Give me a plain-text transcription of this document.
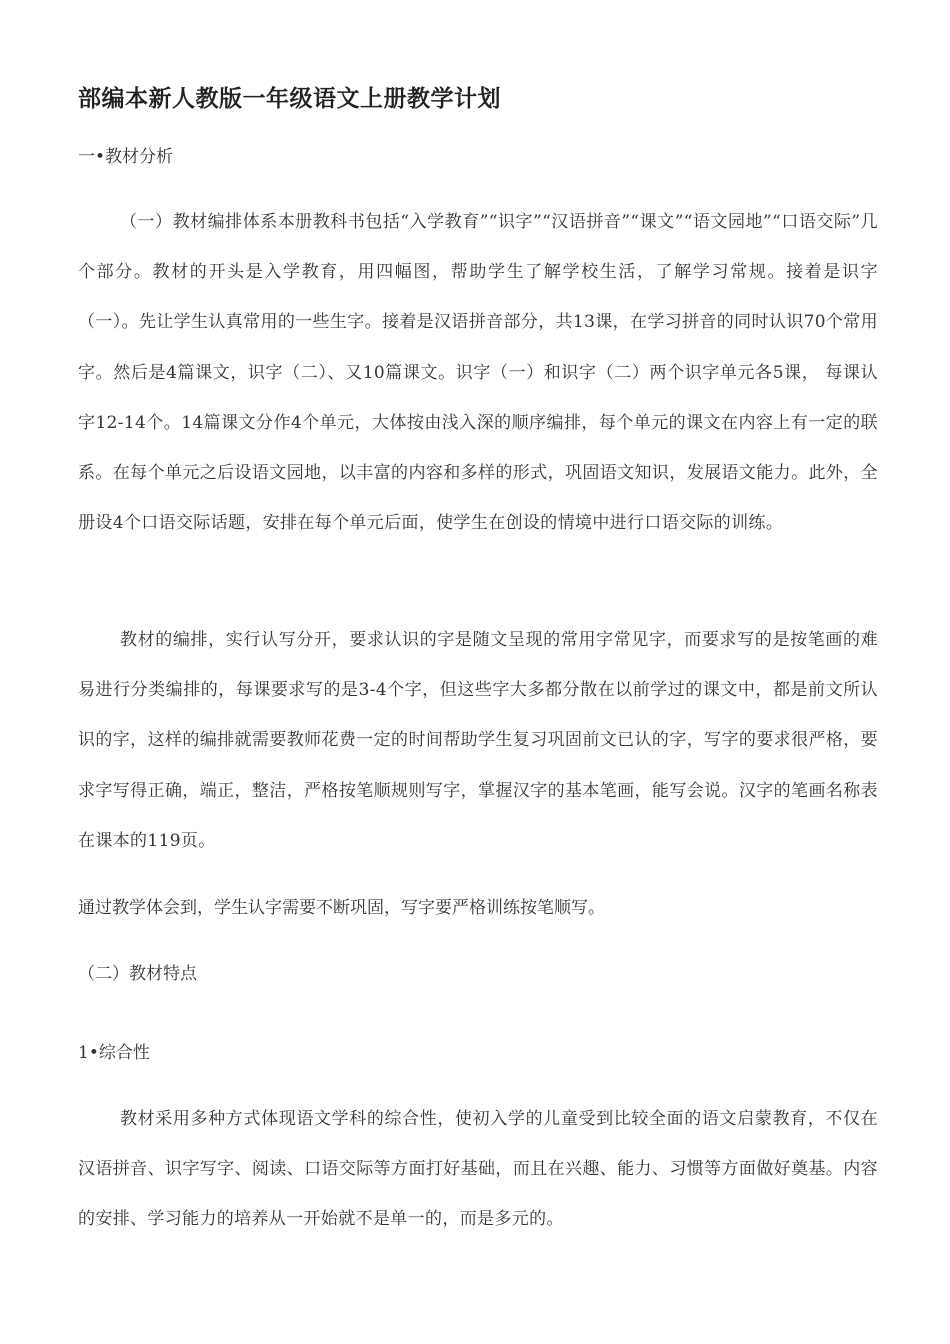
部编本新人教版一年级语文上册教学计划
一•教材分析
（一）教材编排体系本册教科书包括“入学教育”“识字”“汉语拼音”“课文”“语文园地”“口语交际”几个部分。教材的开头是入学教育，用四幅图，帮助学生了解学校生活，了解学习常规。接着是识字（一）。先让学生认真常用的一些生字。接着是汉语拼音部分，共13课，在学习拼音的同时认识70个常用字。然后是4篇课文，识字（二）、又10篇课文。识字（一）和识字（二）两个识字单元各5课， 每课认字12-14个。14篇课文分作4个单元，大体按由浅入深的顺序编排，每个单元的课文在内容上有一定的联系。在每个单元之后设语文园地，以丰富的内容和多样的形式，巩固语文知识，发展语文能力。此外，全册设4个口语交际话题，安排在每个单元后面，使学生在创设的情境中进行口语交际的训练。
教材的编排，实行认写分开，要求认识的字是随文呈现的常用字常见字，而要求写的是按笔画的难易进行分类编排的，每课要求写的是3-4个字，但这些字大多都分散在以前学过的课文中，都是前文所认识的字，这样的编排就需要教师花费一定的时间帮助学生复习巩固前文已认的字，写字的要求很严格，要求字写得正确，端正，整洁，严格按笔顺规则写字，掌握汉字的基本笔画，能写会说。汉字的笔画名称表在课本的119页。
通过教学体会到，学生认字需要不断巩固，写字要严格训练按笔顺写。
（二）教材特点
1•综合性
教材采用多种方式体现语文学科的综合性，使初入学的儿童受到比较全面的语文启蒙教育，不仅在汉语拼音、识字写字、阅读、口语交际等方面打好基础，而且在兴趣、能力、习惯等方面做好奠基。内容的安排、学习能力的培养从一开始就不是单一的，而是多元的。
